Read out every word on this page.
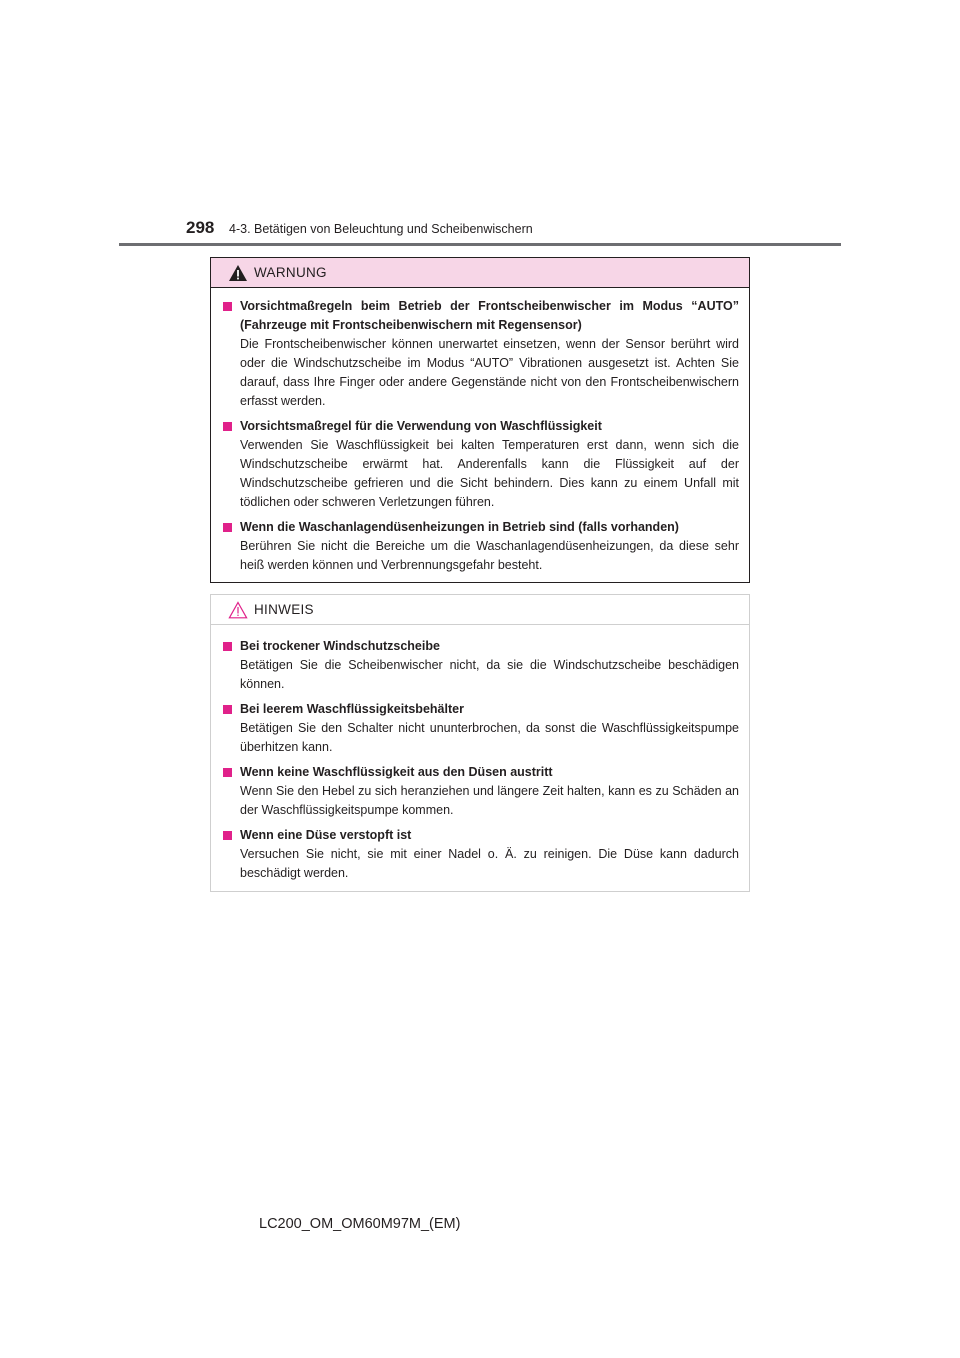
298 4-3. Betätigen von Beleuchtung und Scheibenwischern
WARNUNG
Vorsichtmaßregeln beim Betrieb der Frontscheibenwischer im Modus “AUTO” (Fahrzeuge mit Frontscheibenwischern mit Regensensor)
Die Frontscheibenwischer können unerwartet einsetzen, wenn der Sensor berührt wird oder die Windschutzscheibe im Modus “AUTO” Vibrationen ausgesetzt ist. Achten Sie darauf, dass Ihre Finger oder andere Gegenstände nicht von den Frontscheibenwischern erfasst werden.
Vorsichtsmaßregel für die Verwendung von Waschflüssigkeit
Verwenden Sie Waschflüssigkeit bei kalten Temperaturen erst dann, wenn sich die Windschutzscheibe erwärmt hat. Anderenfalls kann die Flüssigkeit auf der Windschutzscheibe gefrieren und die Sicht behindern. Dies kann zu einem Unfall mit tödlichen oder schweren Verletzungen führen.
Wenn die Waschanlagendüsenheizungen in Betrieb sind (falls vorhanden)
Berühren Sie nicht die Bereiche um die Waschanlagendüsenheizungen, da diese sehr heiß werden können und Verbrennungsgefahr besteht.
HINWEIS
Bei trockener Windschutzscheibe
Betätigen Sie die Scheibenwischer nicht, da sie die Windschutzscheibe beschädigen können.
Bei leerem Waschflüssigkeitsbehälter
Betätigen Sie den Schalter nicht ununterbrochen, da sonst die Waschflüssigkeitspumpe überhitzen kann.
Wenn keine Waschflüssigkeit aus den Düsen austritt
Wenn Sie den Hebel zu sich heranziehen und längere Zeit halten, kann es zu Schäden an der Waschflüssigkeitspumpe kommen.
Wenn eine Düse verstopft ist
Versuchen Sie nicht, sie mit einer Nadel o. Ä. zu reinigen. Die Düse kann dadurch beschädigt werden.
LC200_OM_OM60M97M_(EM)
